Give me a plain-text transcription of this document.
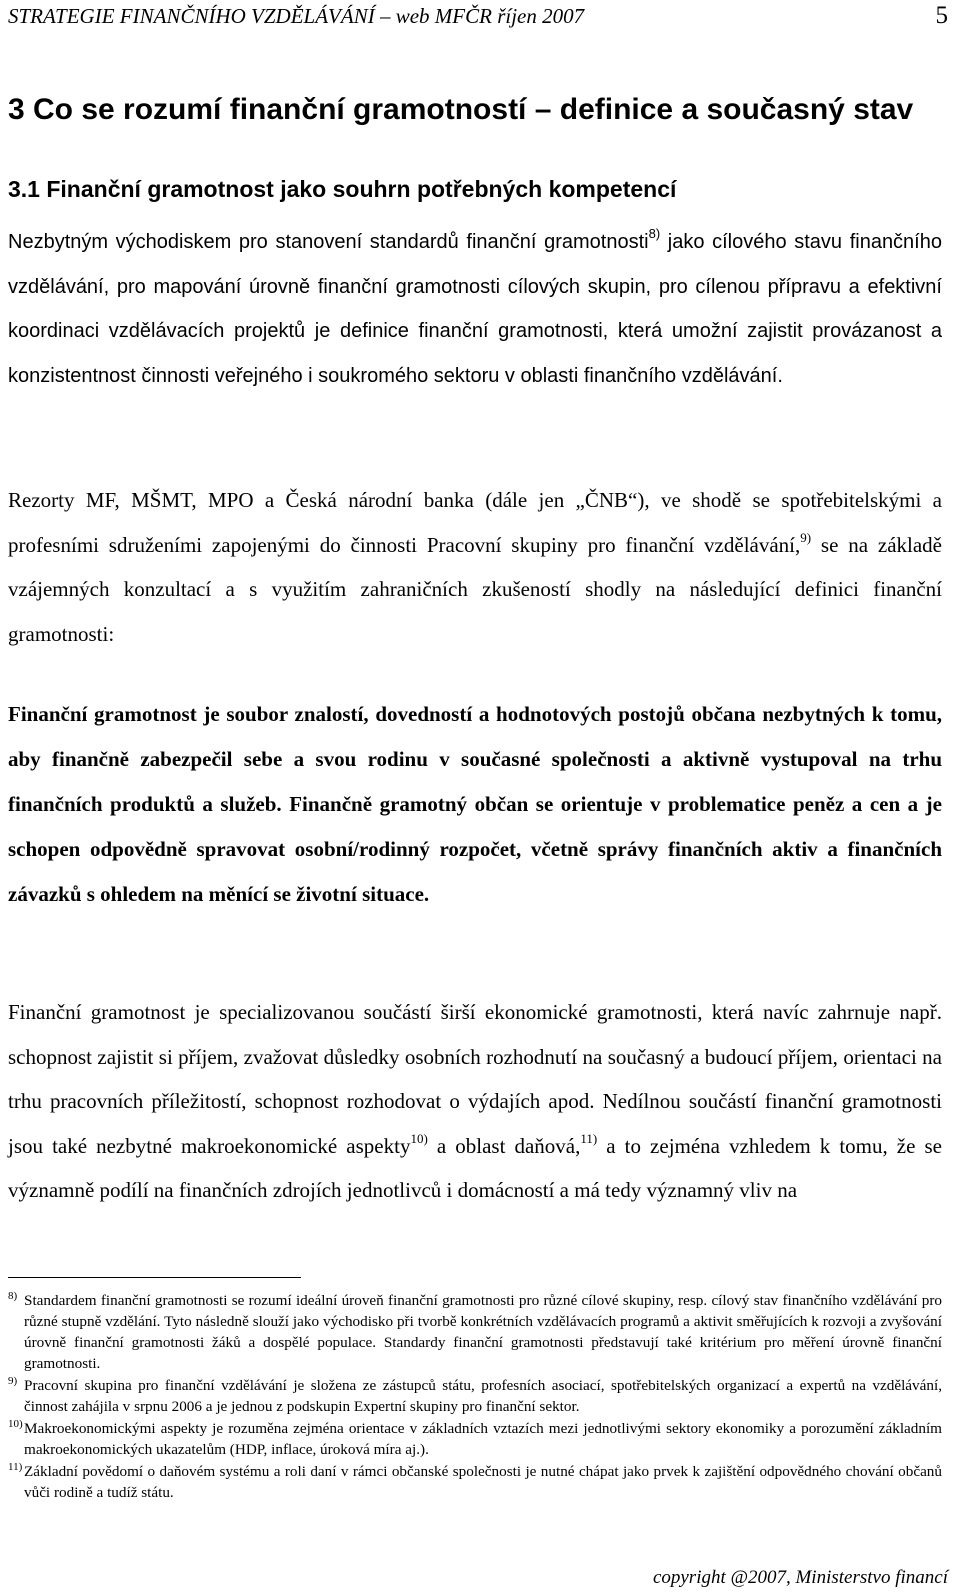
STRATEGIE FINANČNÍHO VZDĚLÁVÁNÍ – web MFČR říjen 2007	5
3 Co se rozumí finanční gramotností – definice a současný stav
3.1 Finanční gramotnost jako souhrn potřebných kompetencí

Nezbytným východiskem pro stanovení standardů finanční gramotnosti$^{8)}$ jako cílového stavu finančního vzdělávání, pro mapování úrovně finanční gramotnosti cílových skupin, pro cílenou přípravu a efektivní koordinaci vzdělávacích projektů je definice finanční gramotnosti, která umožní zajistit provázanost a konzistentnost činnosti veřejného i soukromého sektoru v oblasti finančního vzdělávání.

Rezorty MF, MŠMT, MPO a Česká národní banka (dále jen „ČNB“), ve shodě se spotřebitelskými a profesními sdruženími zapojenými do činnosti Pracovní skupiny pro finanční vzdělávání,$^{9)}$ se na základě vzájemných konzultací a s využitím zahraničních zkušeností shodly na následující definici finanční gramotnosti:

Finanční gramotnost je soubor znalostí, dovedností a hodnotových postojů občana nezbytných k tomu, aby finančně zabezpečil sebe a svou rodinu v současné společnosti a aktivně vystupoval na trhu finančních produktů a služeb. Finančně gramotný občan se orientuje v problematice peněz a cen a je schopen odpovědně spravovat osobní/rodinný rozpočet, včetně správy finančních aktiv a finančních závazků s ohledem na měnící se životní situace.

Finanční gramotnost je specializovanou součástí širší ekonomické gramotnosti, která navíc zahrnuje např. schopnost zajistit si příjem, zvažovat důsledky osobních rozhodnutí na současný a budoucí příjem, orientaci na trhu pracovních příležitostí, schopnost rozhodovat o výdajích apod. Nedílnou součástí finanční gramotnosti jsou také nezbytné makroekonomické aspekty$^{10)}$ a oblast daňová,$^{11)}$ a to zejména vzhledem k tomu, že se významně podílí na finančních zdrojích jednotlivců i domácností a má tedy významný vliv na

8) Standardem finanční gramotnosti se rozumí ideální úroveň finanční gramotnosti pro různé cílové skupiny, resp. cílový stav finančního vzdělávání pro různé stupně vzdělání. Tyto následně slouží jako východisko při tvorbě konkrétních vzdělávacích programů a aktivit směřujících k rozvoji a zvyšování úrovně finanční gramotnosti žáků a dospělé populace. Standardy finanční gramotnosti představují také kritérium pro měření úrovně finanční gramotnosti.
9) Pracovní skupina pro finanční vzdělávání je složena ze zástupců státu, profesních asociací, spotřebitelských organizací a expertů na vzdělávání, činnost zahájila v srpnu 2006 a je jednou z podskupin Expertní skupiny pro finanční sektor.
10) Makroekonomickými aspekty je rozuměna zejména orientace v základních vztazích mezi jednotlivými sektory ekonomiky a porozumění základním makroekonomických ukazatelům (HDP, inflace, úroková míra aj.).
11) Základní povědomí o daňovém systému a roli daní v rámci občanské společnosti je nutné chápat jako prvek k zajištění odpovědného chování občanů vůči rodině a tudíž státu.
copyright @2007, Ministerstvo financí
